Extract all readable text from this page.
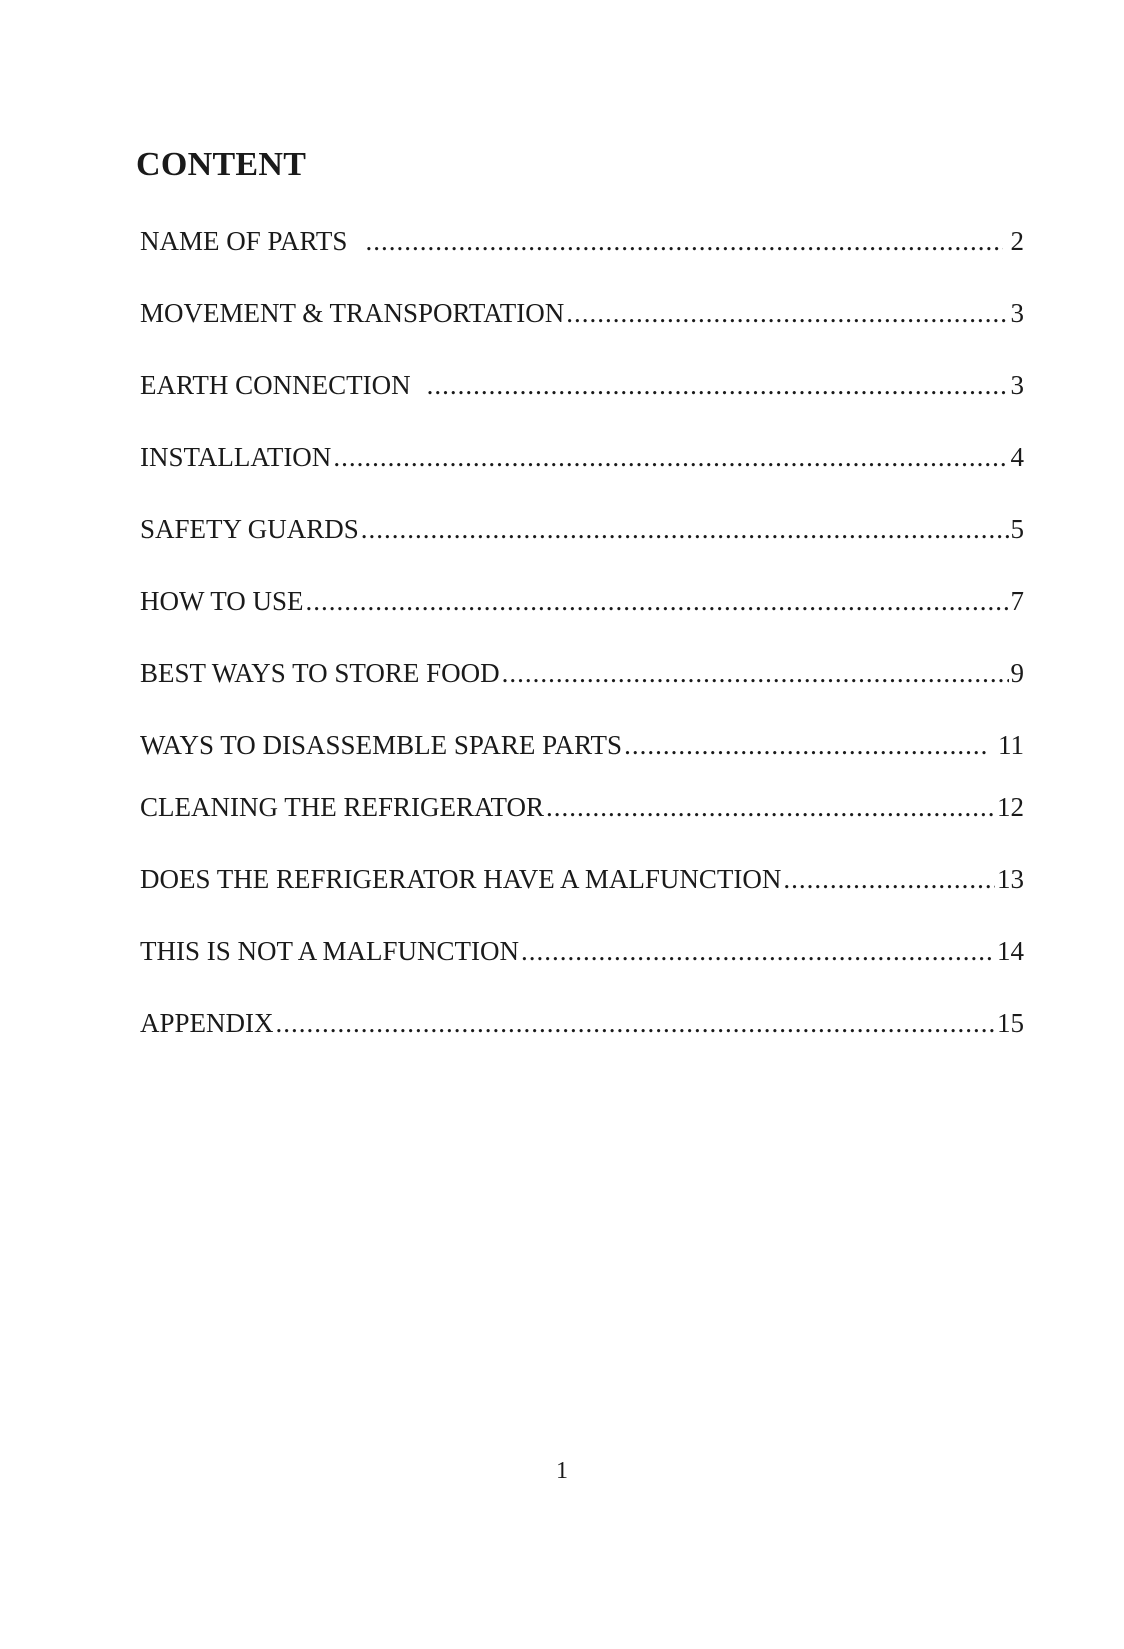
CONTENT
NAME OF PARTS .....	2
MOVEMENT & TRANSPORTATION .....	3
EARTH CONNECTION .....	3
INSTALLATION .....	4
SAFETY GUARDS .....	5
HOW TO USE .....	7
BEST WAYS TO STORE FOOD .....	9
WAYS TO DISASSEMBLE SPARE PARTS .....	11
CLEANING THE REFRIGERATOR .....	12
DOES THE REFRIGERATOR HAVE A MALFUNCTION .....	13
THIS IS NOT A MALFUNCTION .....	14
APPENDIX .....	15
1
